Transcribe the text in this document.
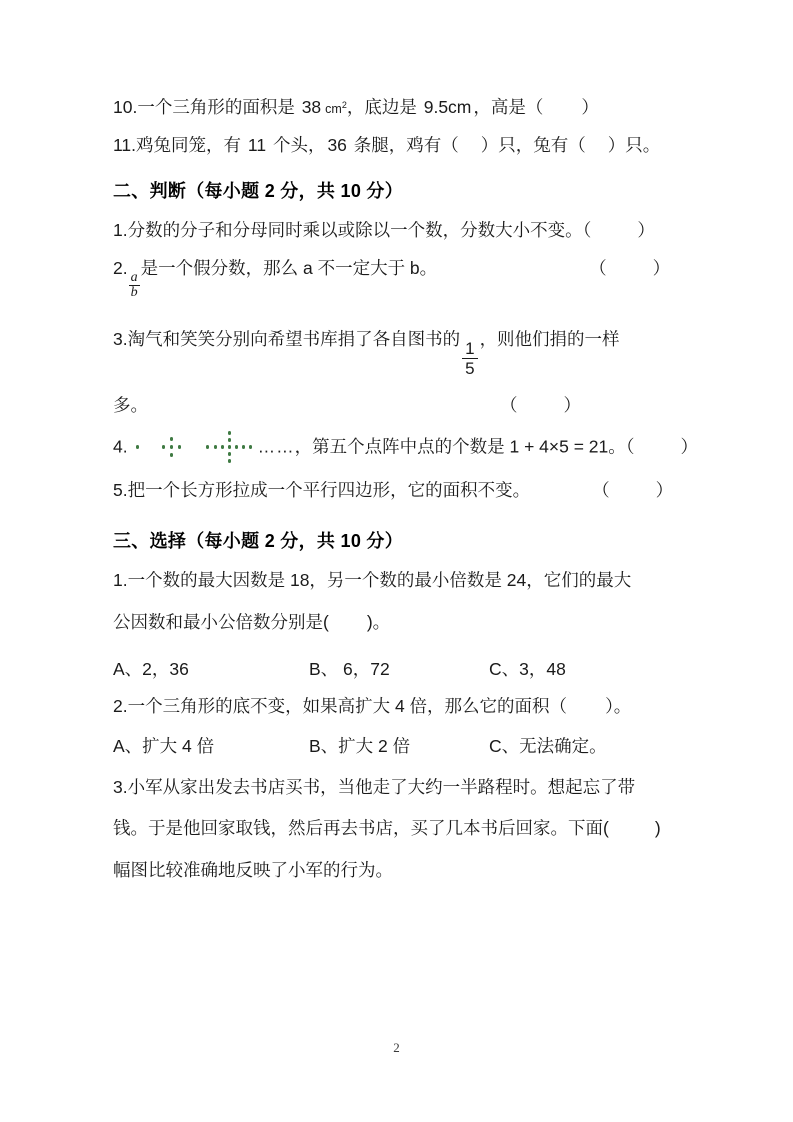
10.一个三角形的面积是 38 $cm^2$，底边是 9.5cm ，高是（ ）

11.鸡兔同笼，有 11 个头， 36 条腿，鸡有（ ）只，兔有（ ）只。

二、判断（每小题 2 分，共 10 分）

1.分数的分子和分母同时乘以或除以一个数，分数大小不变。（	）

2.
$\frac{a}{b}$
是一个假分数，那么 a 不一定大于 b。	（	）

3.淘气和笑笑分别向希望书库捐了各自图书的 $\frac{1}{5}$ ，则他们捐的一样

多。	（	）

4.	……，第五个点阵中点的个数是 1 + 4×5 = 21。（	）

5.把一个长方形拉成一个平行四边形，它的面积不变。	（	）

三、选择（每小题 2 分，共 10 分）

1.一个数的最大因数是 18，另一个数的最小倍数是 24，它们的最大

公因数和最小公倍数分别是( )。

A、2，36	B、 6，72	C、3，48

2.一个三角形的底不变，如果高扩大 4 倍，那么它的面积（ ）。

A、扩大 4 倍	B、扩大 2 倍	C、无法确定。

3.小军从家出发去书店买书，当他走了大约一半路程时。想起忘了带

钱。于是他回家取钱，然后再去书店，买了几本书后回家。下面(	)

幅图比较准确地反映了小军的行为。

2
